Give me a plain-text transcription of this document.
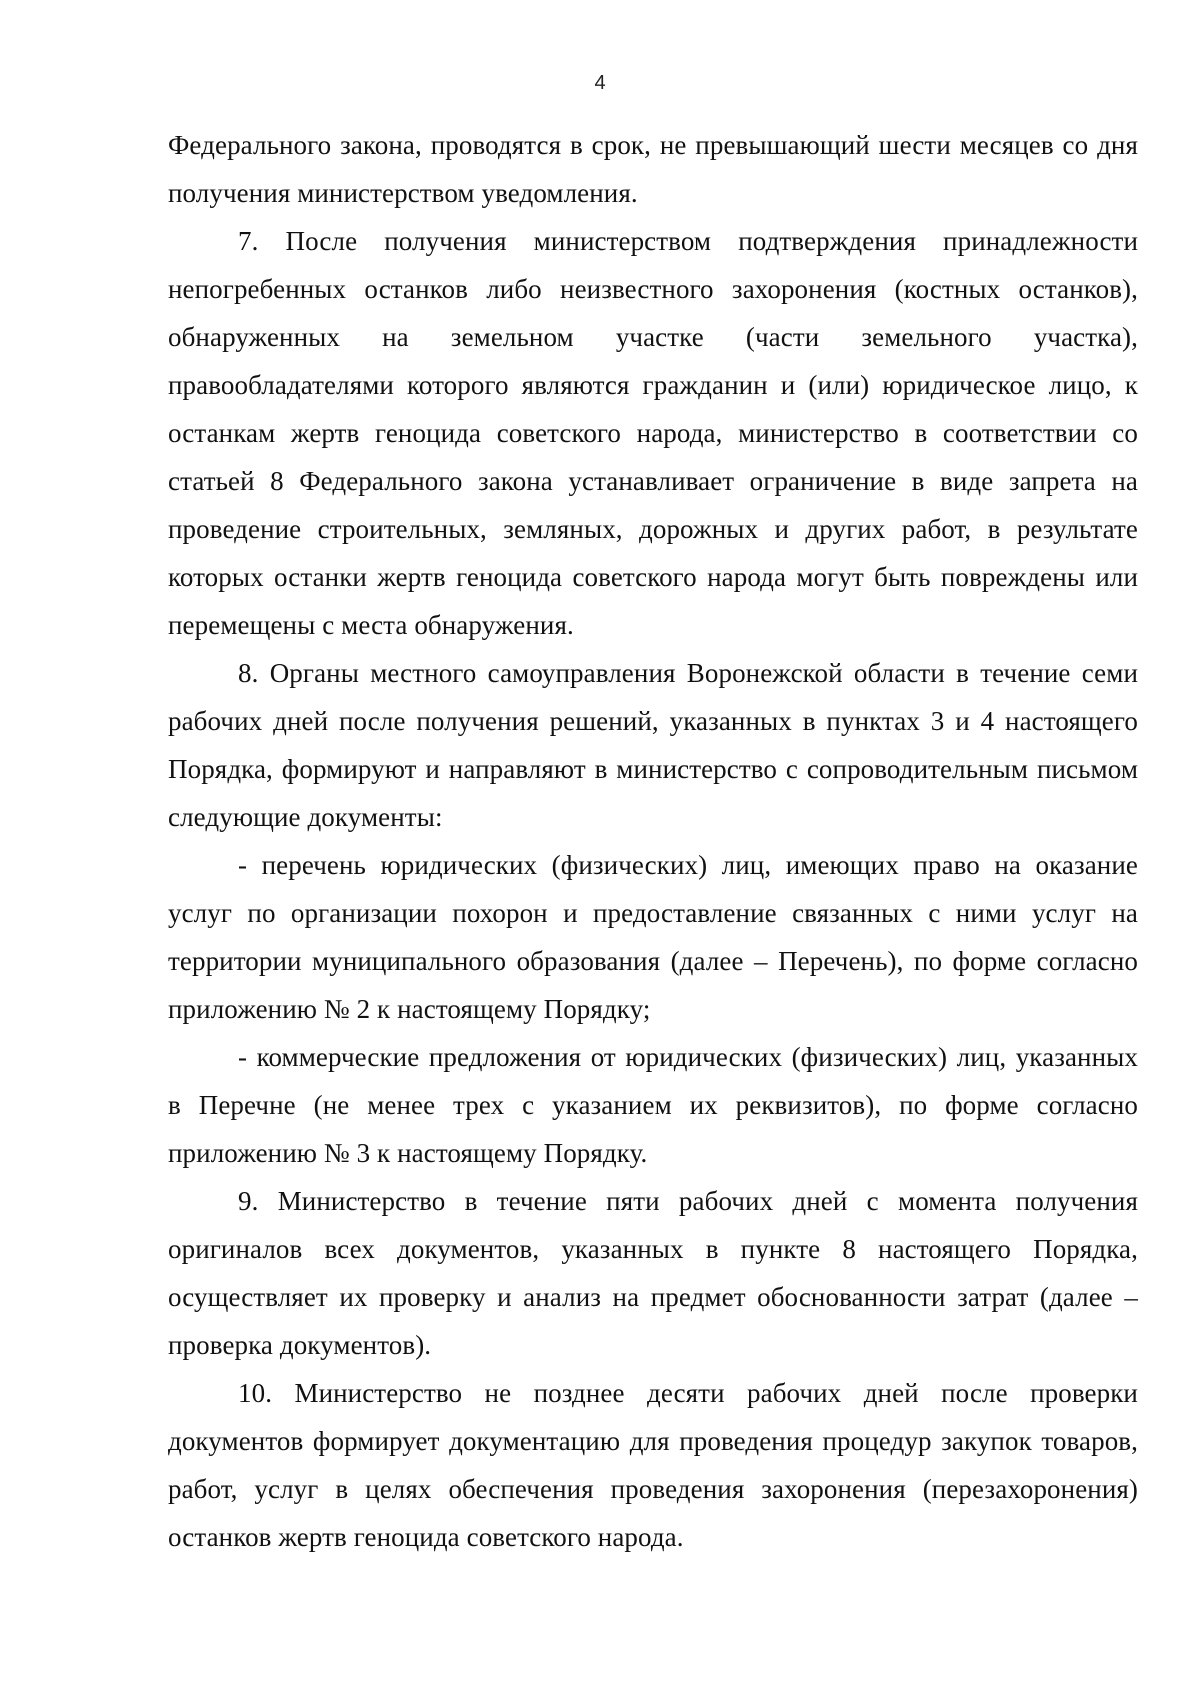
4

Федерального закона, проводятся в срок, не превышающий шести месяцев со дня получения министерством уведомления.

7. После получения министерством подтверждения принадлежности непогребенных останков либо неизвестного захоронения (костных останков), обнаруженных на земельном участке (части земельного участка), правообладателями которого являются гражданин и (или) юридическое лицо, к останкам жертв геноцида советского народа, министерство в соответствии со статьей 8 Федерального закона устанавливает ограничение в виде запрета на проведение строительных, земляных, дорожных и других работ, в результате которых останки жертв геноцида советского народа могут быть повреждены или перемещены с места обнаружения.

8. Органы местного самоуправления Воронежской области в течение семи рабочих дней после получения решений, указанных в пунктах 3 и 4 настоящего Порядка, формируют и направляют в министерство с сопроводительным письмом следующие документы:

- перечень юридических (физических) лиц, имеющих право на оказание услуг по организации похорон и предоставление связанных с ними услуг на территории муниципального образования (далее – Перечень), по форме согласно приложению № 2 к настоящему Порядку;

- коммерческие предложения от юридических (физических) лиц, указанных в Перечне (не менее трех с указанием их реквизитов), по форме согласно приложению № 3 к настоящему Порядку.

9. Министерство в течение пяти рабочих дней с момента получения оригиналов всех документов, указанных в пункте 8 настоящего Порядка, осуществляет их проверку и анализ на предмет обоснованности затрат (далее – проверка документов).

10. Министерство не позднее десяти рабочих дней после проверки документов формирует документацию для проведения процедур закупок товаров, работ, услуг в целях обеспечения проведения захоронения (перезахоронения) останков жертв геноцида советского народа.
